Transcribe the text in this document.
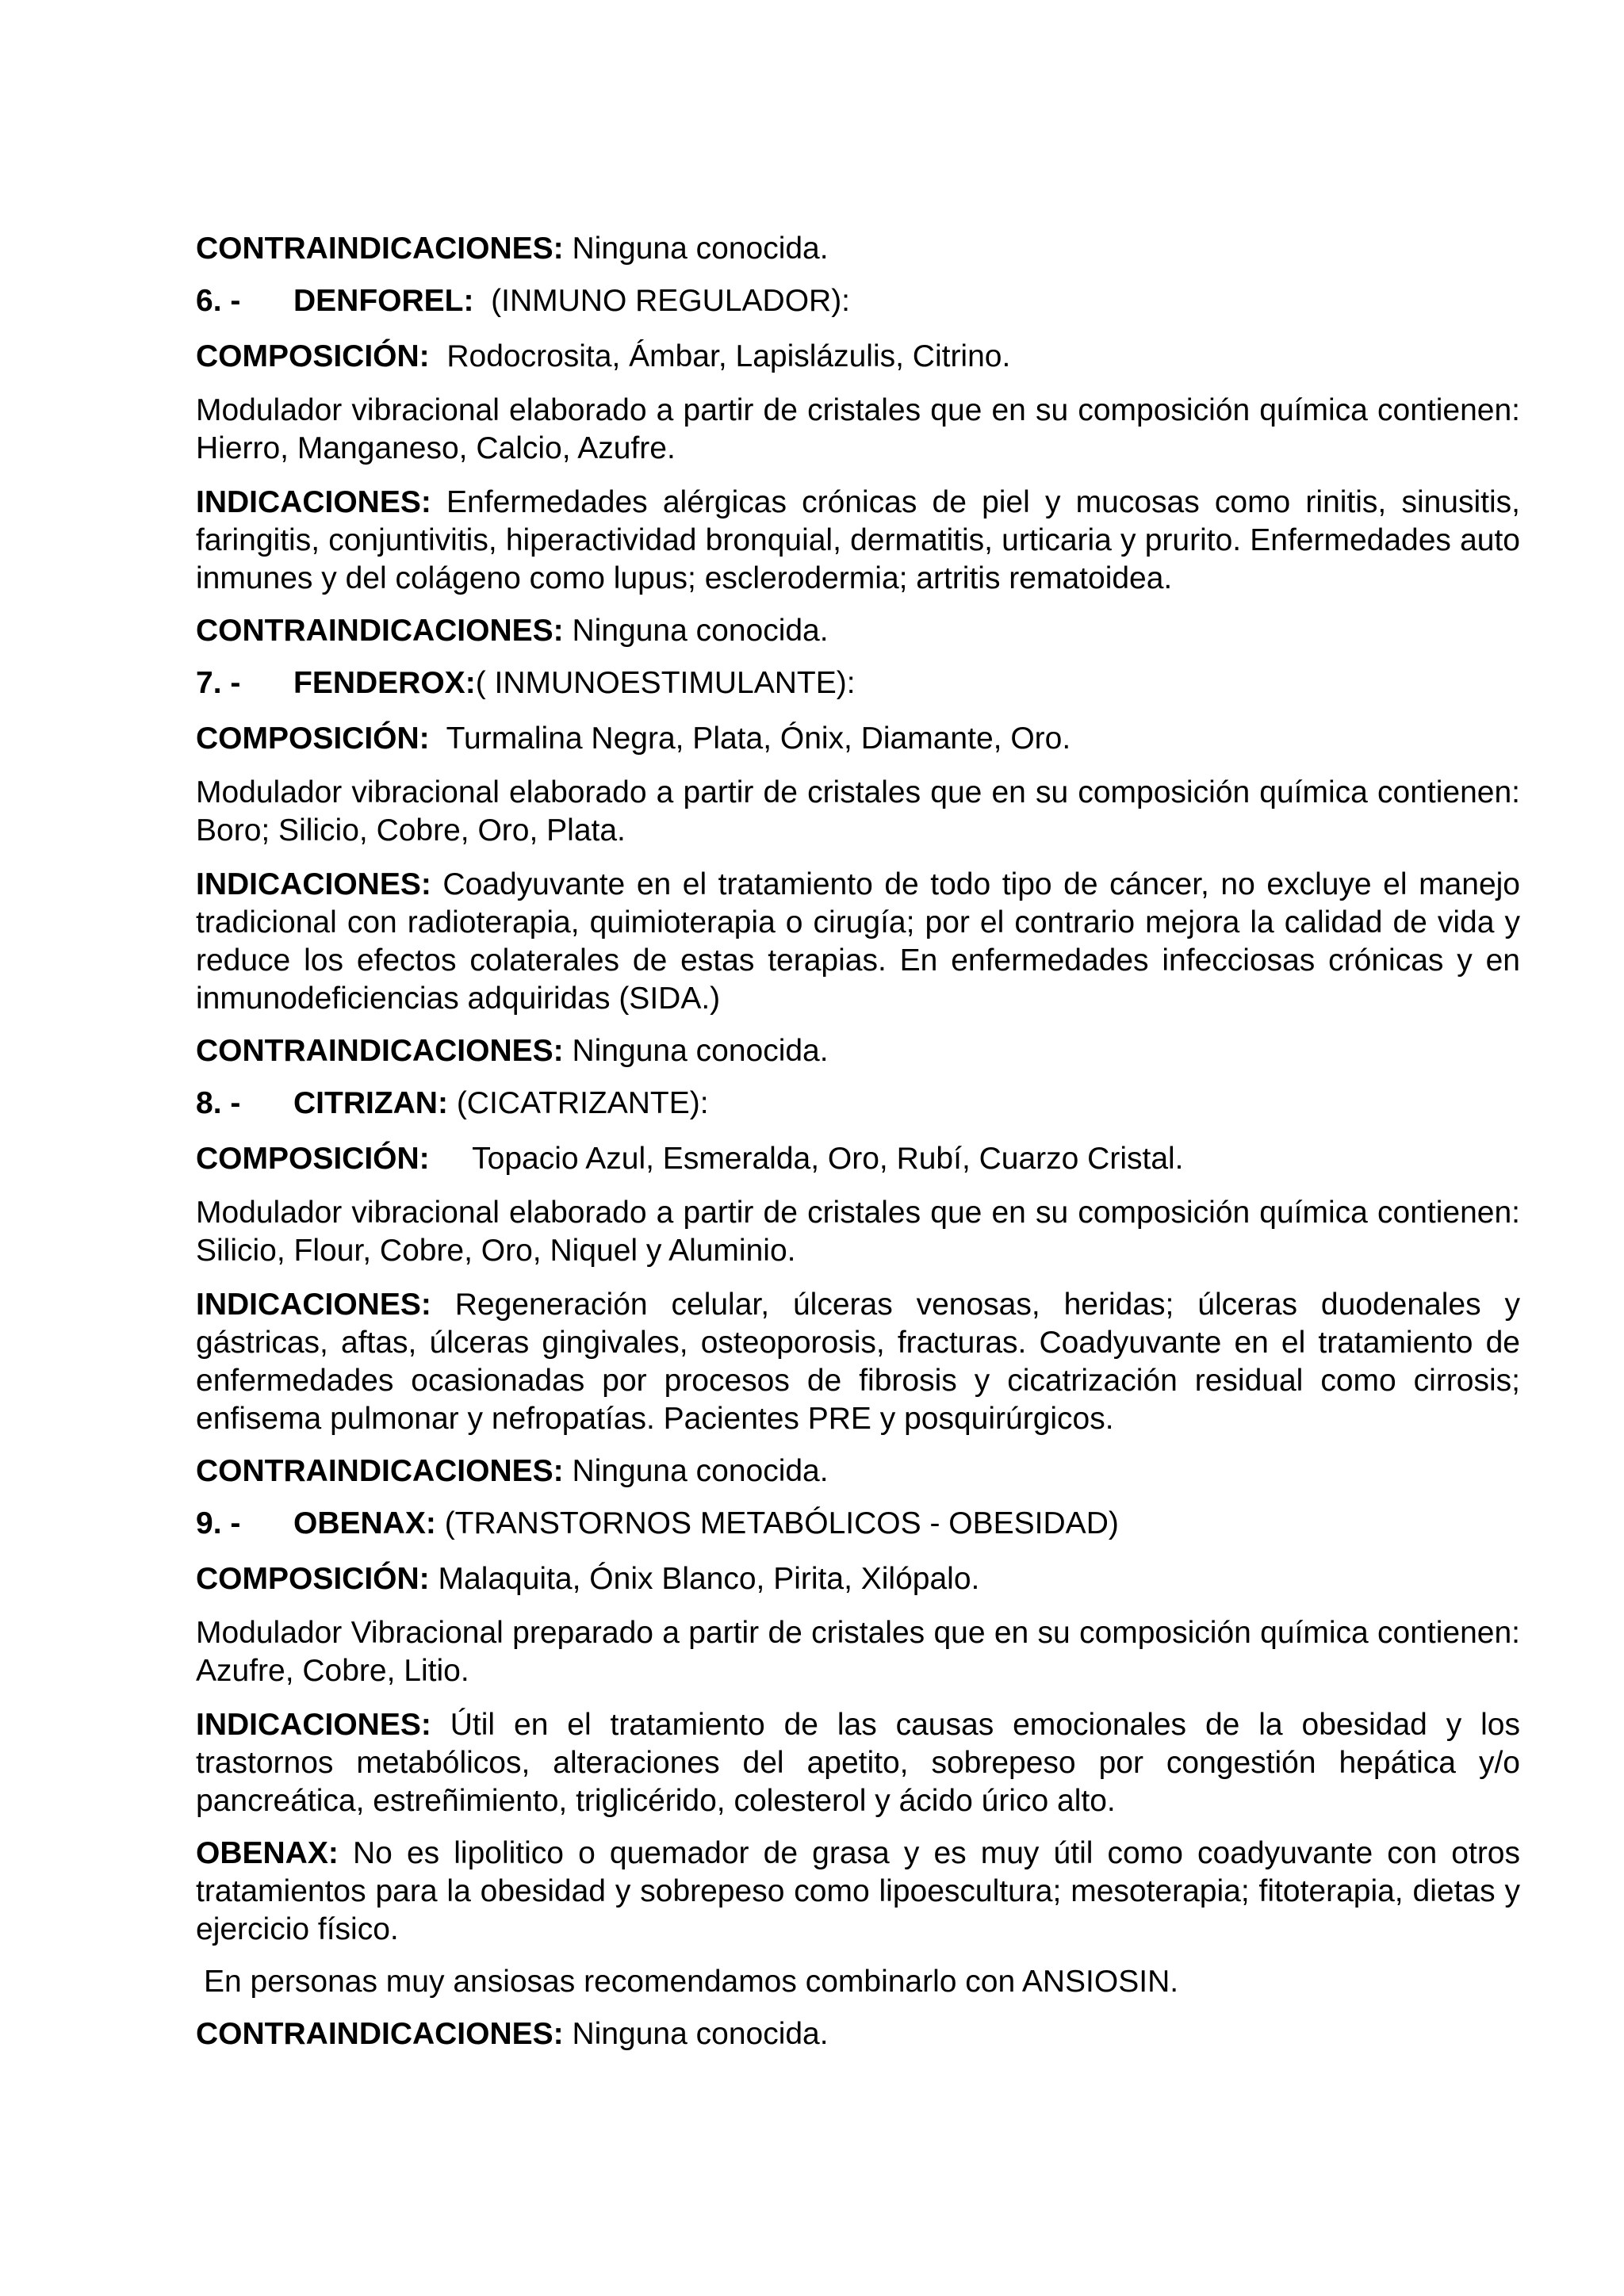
CONTRAINDICACIONES: Ninguna conocida.

6. -	DENFOREL:
(INMUNO REGULADOR):

COMPOSICIÓN: Rodocrosita, Ámbar, Lapislázulis, Citrino.

Modulador vibracional elaborado a partir de cristales que en su composición química contienen: Hierro, Manganeso, Calcio, Azufre.

INDICACIONES: Enfermedades alérgicas crónicas de piel y mucosas como rinitis, sinusitis, faringitis, conjuntivitis, hiperactividad bronquial, dermatitis, urticaria y prurito. Enfermedades auto inmunes y del colágeno como lupus; esclerodermia; artritis rematoidea.

CONTRAINDICACIONES: Ninguna conocida.

7. -	FENDEROX: ( INMUNOESTIMULANTE):

COMPOSICIÓN: Turmalina Negra, Plata, Ónix, Diamante, Oro.

Modulador vibracional elaborado a partir de cristales que en su composición química contienen: Boro; Silicio, Cobre, Oro, Plata.

INDICACIONES: Coadyuvante en el tratamiento de todo tipo de cáncer, no excluye el manejo tradicional con radioterapia, quimioterapia o cirugía; por el contrario mejora la calidad de vida y reduce los efectos colaterales de estas terapias. En enfermedades infecciosas crónicas y en inmunodeficiencias adquiridas (SIDA.)

CONTRAINDICACIONES: Ninguna conocida.

8. -	CITRIZAN:
(CICATRIZANTE):

COMPOSICIÓN: Topacio Azul, Esmeralda, Oro, Rubí, Cuarzo Cristal.

Modulador vibracional elaborado a partir de cristales que en su composición química contienen: Silicio, Flour, Cobre, Oro, Niquel y Aluminio.

INDICACIONES: Regeneración celular, úlceras venosas, heridas; úlceras duodenales y gástricas, aftas, úlceras gingivales, osteoporosis, fracturas. Coadyuvante en el tratamiento de enfermedades ocasionadas por procesos de fibrosis y cicatrización residual como cirrosis; enfisema pulmonar y nefropatías. Pacientes PRE y posquirúrgicos.

CONTRAINDICACIONES: Ninguna conocida.

9. -	OBENAX:
(TRANSTORNOS METABÓLICOS - OBESIDAD)

COMPOSICIÓN: Malaquita, Ónix Blanco, Pirita, Xilópalo.

Modulador Vibracional preparado a partir de cristales que en su composición química contienen: Azufre, Cobre, Litio.

INDICACIONES: Útil en el tratamiento de las causas emocionales de la obesidad y los trastornos metabólicos, alteraciones del apetito, sobrepeso por congestión hepática y/o pancreática, estreñimiento, triglicérido, colesterol y ácido úrico alto.

OBENAX: No es lipolitico o quemador de grasa y es muy útil como coadyuvante con otros tratamientos para la obesidad y sobrepeso como lipoescultura; mesoterapia; fitoterapia, dietas y ejercicio físico.

En personas muy ansiosas recomendamos combinarlo con ANSIOSIN.

CONTRAINDICACIONES: Ninguna conocida.
